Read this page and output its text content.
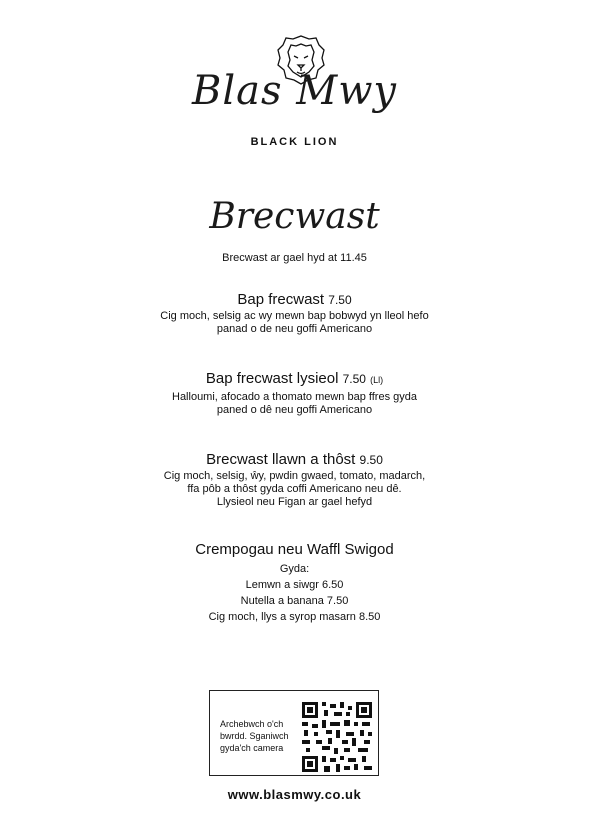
Blas Mwy
BLACK LION
Brecwast
Brecwast ar gael hyd at 11.45
Bap frecwast 7.50
Cig moch, selsig ac wy mewn bap bobwyd yn lleol hefo
panad o de neu goffi Americano
Bap frecwast lysieol 7.50 (Ll)
Halloumi, afocado a thomato mewn bap ffres gyda
paned o dê neu goffi Americano
Brecwast llawn a thôst 9.50
Cig moch, selsig, ŵy, pwdin gwaed, tomato, madarch,
ffa pôb a thôst gyda coffi Americano neu dê.
Llysieol neu Figan ar gael hefyd
Crempogau neu Waffl Swigod
Gyda:
Lemwn a siwgr 6.50
Nutella a banana 7.50
Cig moch, llys a syrop masarn 8.50
Archebwch o'ch bwrdd. Sganiwch gyda'ch camera
www.blasmwy.co.uk
